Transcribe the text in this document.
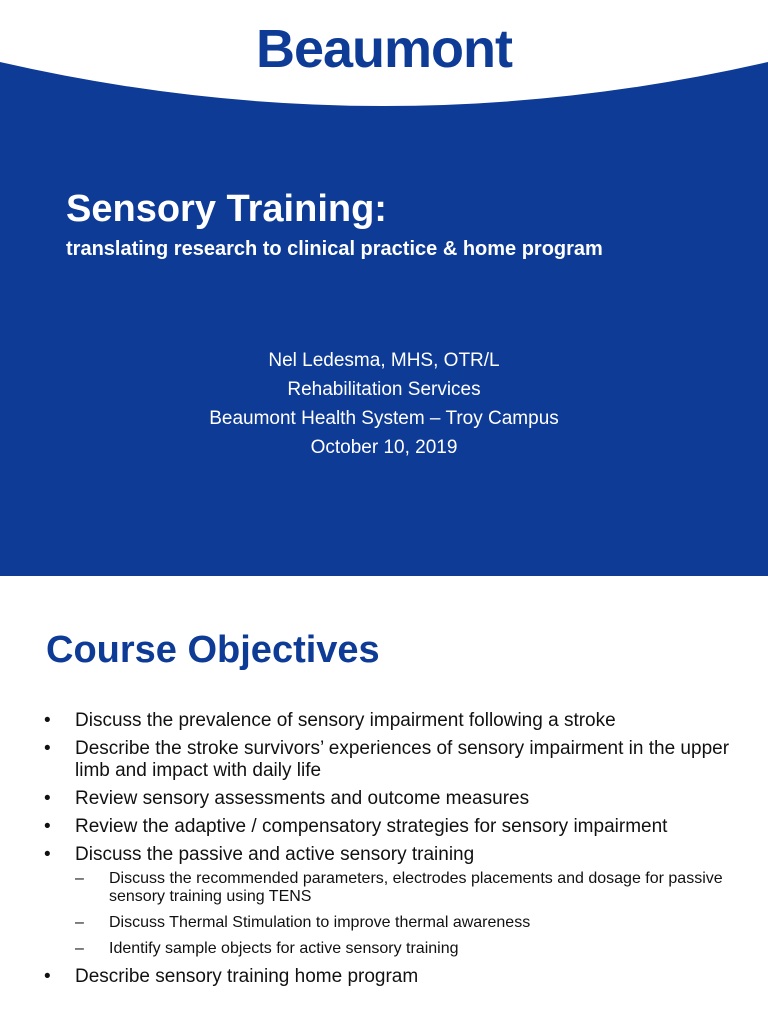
Beaumont
Sensory Training:
translating research to clinical practice & home program
Nel Ledesma, MHS, OTR/L
Rehabilitation Services
Beaumont Health System – Troy Campus
October 10, 2019
Course Objectives
• Discuss the prevalence of sensory impairment following a stroke
• Describe the stroke survivors’ experiences of sensory impairment in the upper limb and impact with daily life
• Review sensory assessments and outcome measures
• Review the adaptive / compensatory strategies for sensory impairment
• Discuss the passive and active sensory training
– Discuss the recommended parameters, electrodes placements and dosage for passive sensory training using TENS
– Discuss Thermal Stimulation to improve thermal awareness
– Identify sample objects for active sensory training
• Describe sensory training home program
